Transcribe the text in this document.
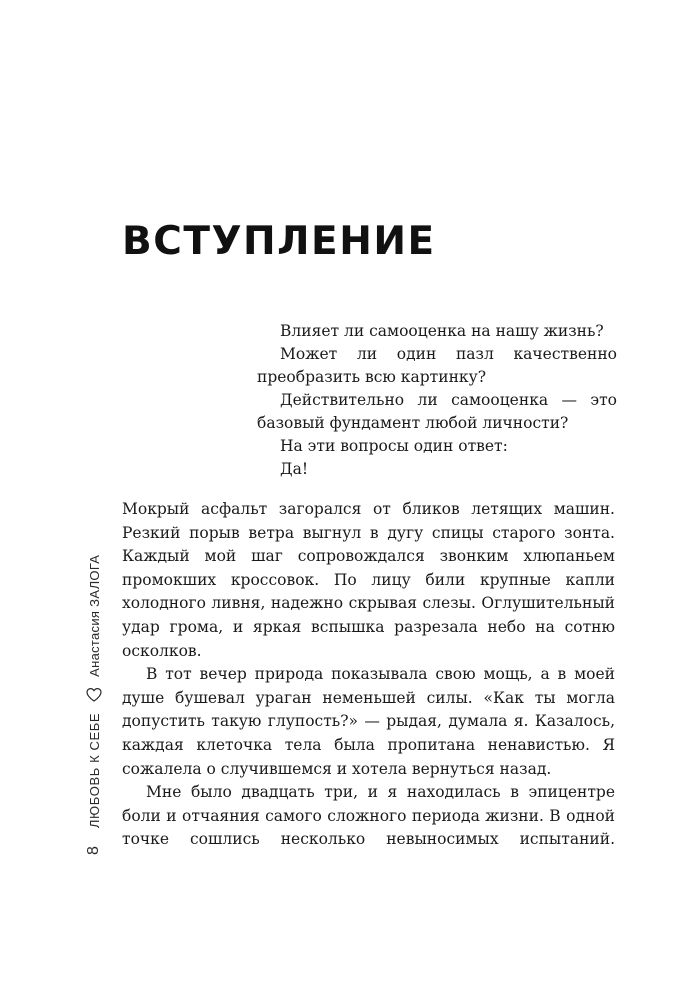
ВСТУПЛЕНИЕ

Влияет ли самооценка на нашу жизнь?

Может ли один пазл качественно преобразить всю картинку?

Действительно ли самооценка — это базовый фундамент любой личности?

На эти вопросы один ответ:

Да!

Мокрый асфальт загорался от бликов летящих машин. Резкий порыв ветра выгнул в дугу спицы старого зонта. Каждый мой шаг сопровождался звонким хлюпаньем промокших кроссовок. По лицу били крупные капли холодного ливня, надежно скрывая слезы. Оглушительный удар грома, и яркая вспышка разрезала небо на сотню осколков.

В тот вечер природа показывала свою мощь, а в моей душе бушевал ураган неменьшей силы. «Как ты могла допустить такую глупость?» — рыдая, думала я. Казалось, каждая клеточка тела была пропитана ненавистью. Я сожалела о случившемся и хотела вернуться назад.

Мне было двадцать три, и я находилась в эпицентре боли и отчаяния самого сложного периода жизни. В одной точке сошлись несколько невыносимых испытаний.

8
ЛЮБОВЬ К СЕБЕ
Анастасия ЗАЛОГА
